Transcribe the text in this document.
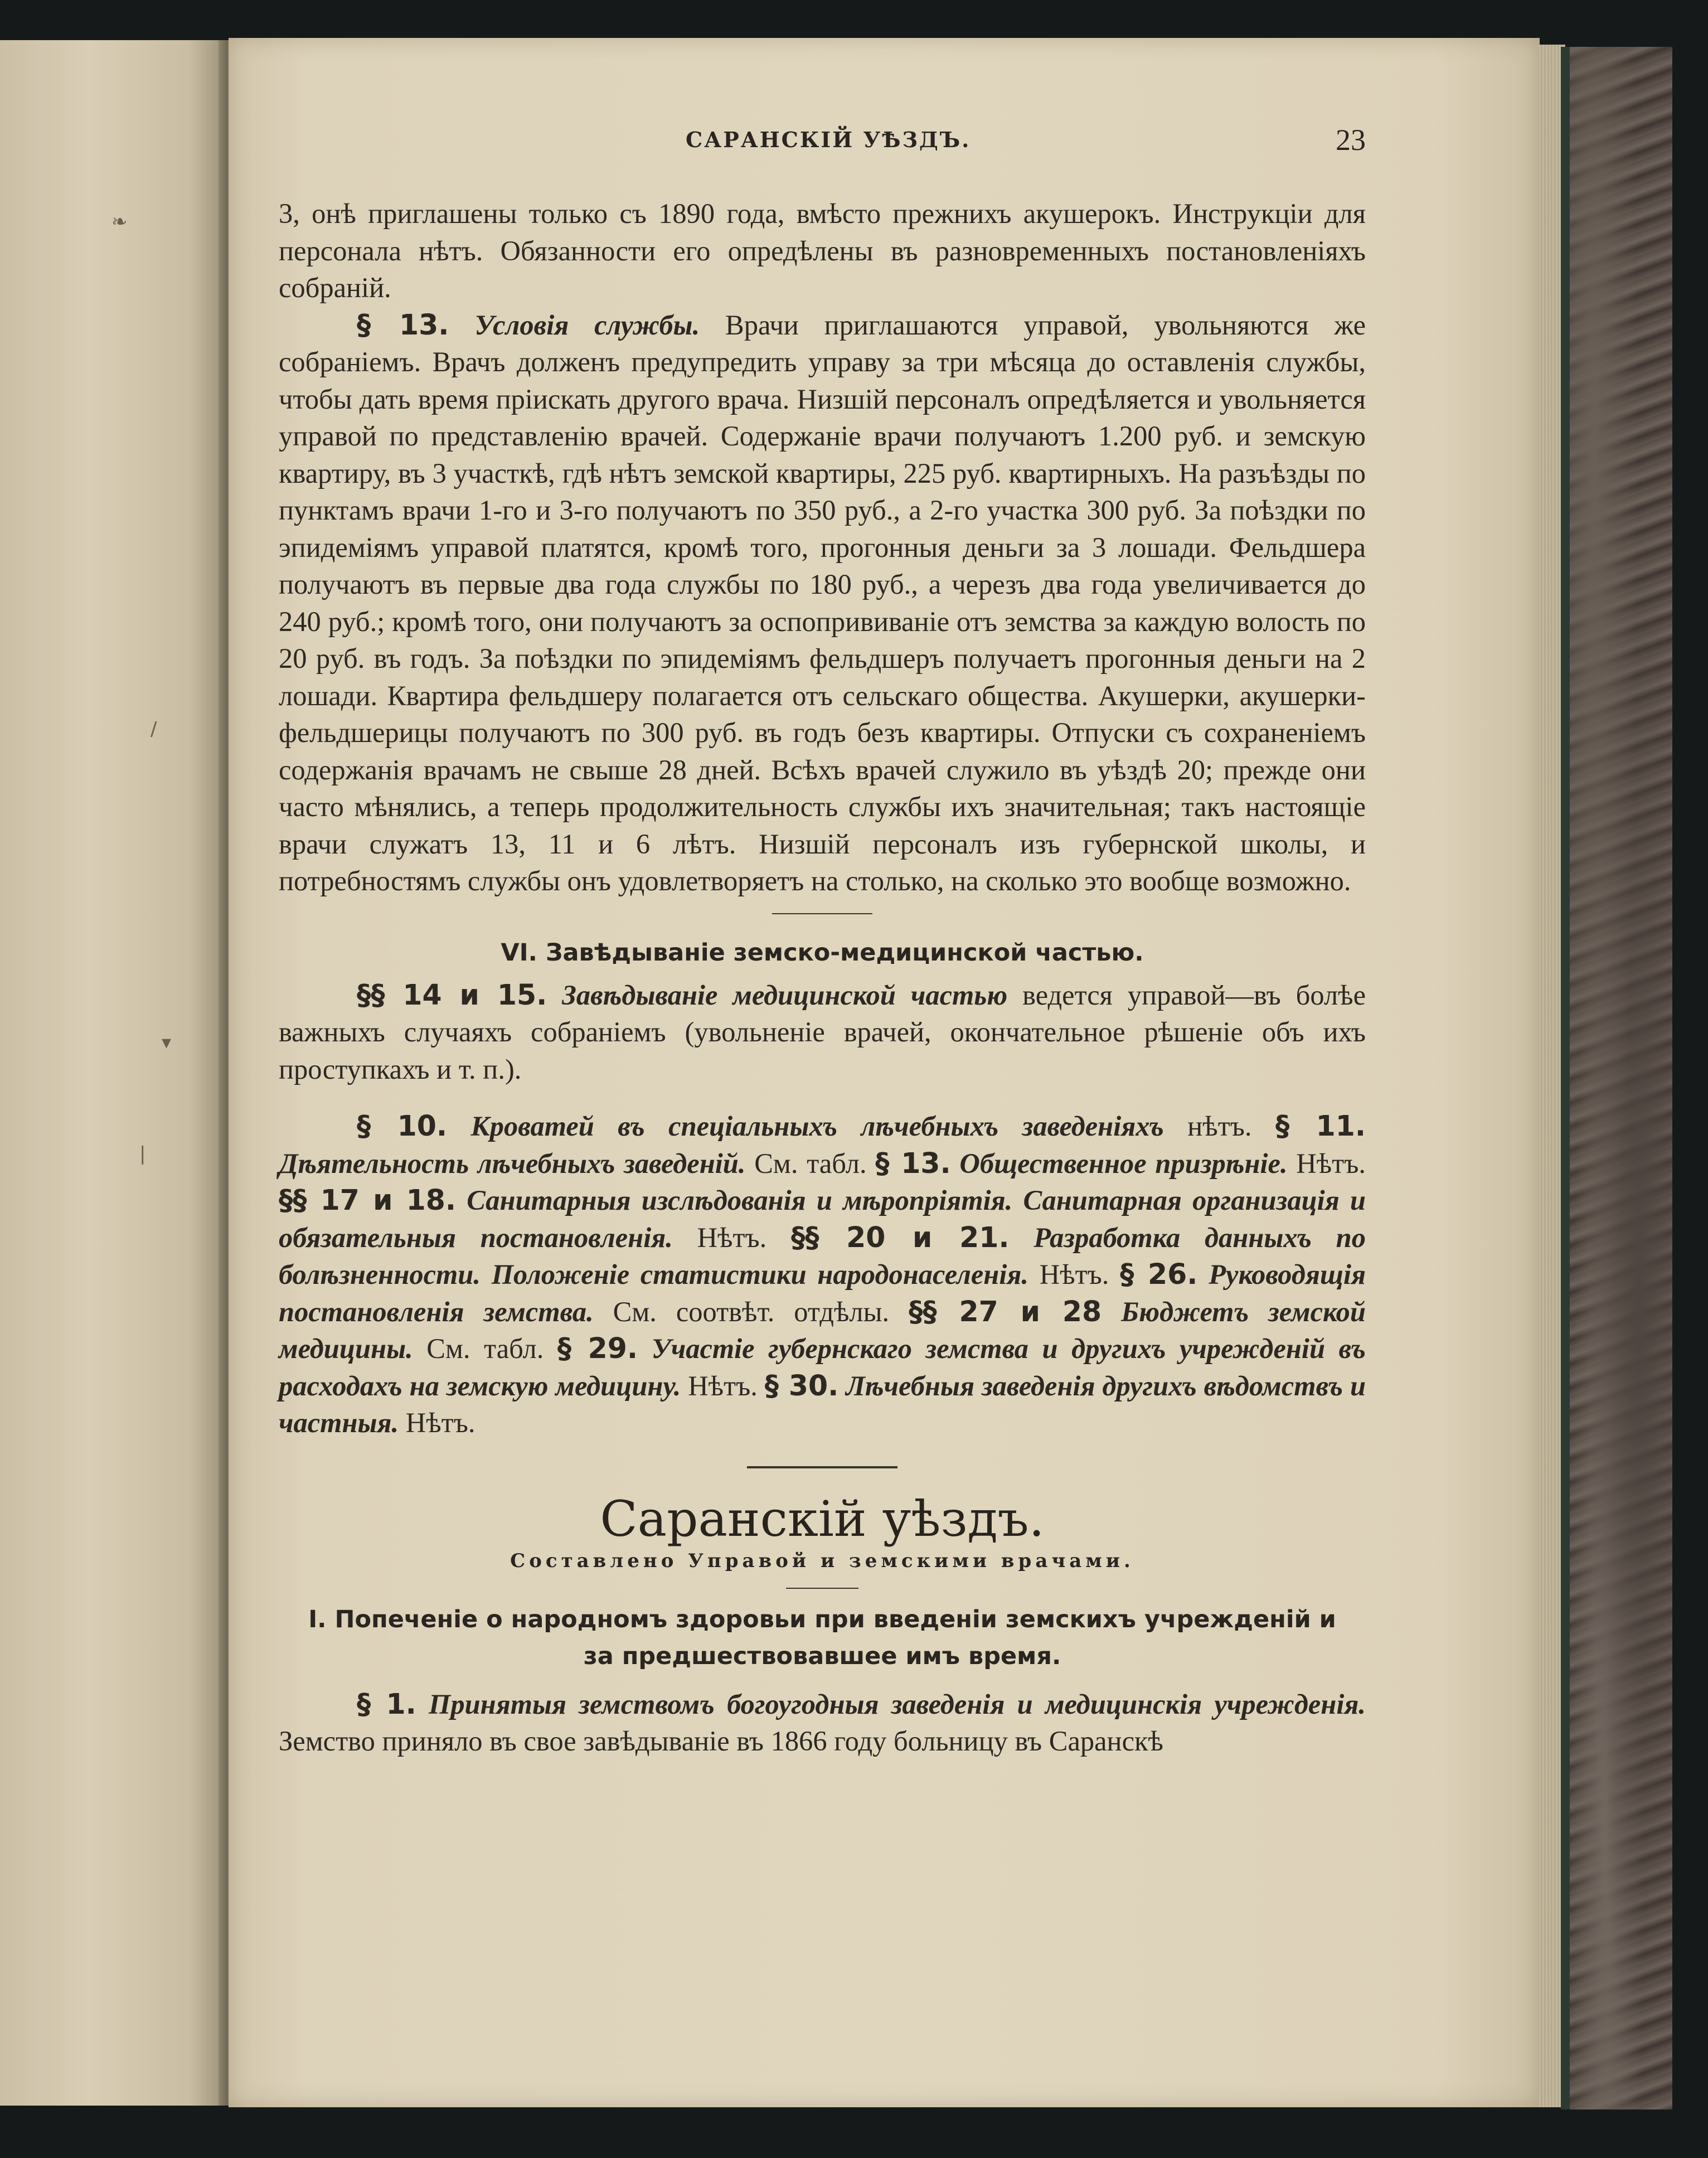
❧
/
▾
|
САРАНСКІЙ УѢЗДЪ.	23

3, онѣ приглашены только съ 1890 года, вмѣсто прежнихъ акушерокъ. Инструкціи для персонала нѣтъ. Обязанности его опредѣлены въ разновременныхъ постановленіяхъ собраній.

§ 13. Условія службы. Врачи приглашаются управой, увольняются же собраніемъ. Врачъ долженъ предупредить управу за три мѣсяца до оставленія службы, чтобы дать время пріискать другого врача. Низшій персоналъ опредѣляется и увольняется управой по представленію врачей. Содержаніе врачи получаютъ 1.200 руб. и земскую квартиру, въ 3 участкѣ, гдѣ нѣтъ земской квартиры, 225 руб. квартирныхъ. На разъѣзды по пунктамъ врачи 1-го и 3-го получаютъ по 350 руб., а 2-го участка 300 руб. За поѣздки по эпидеміямъ управой платятся, кромѣ того, прогонныя деньги за 3 лошади. Фельдшера получаютъ въ первые два года службы по 180 руб., а черезъ два года увеличивается до 240 руб.; кромѣ того, они получаютъ за оспопрививаніе отъ земства за каждую волость по 20 руб. въ годъ. За поѣздки по эпидеміямъ фельдшеръ получаетъ прогонныя деньги на 2 лошади. Квартира фельдшеру полагается отъ сельскаго общества. Акушерки, акушерки-фельдшерицы получаютъ по 300 руб. въ годъ безъ квартиры. Отпуски съ сохраненіемъ содержанія врачамъ не свыше 28 дней. Всѣхъ врачей служило въ уѣздѣ 20; прежде они часто мѣнялись, а теперь продолжительность службы ихъ значительная; такъ настоящіе врачи служатъ 13, 11 и 6 лѣтъ. Низшій персоналъ изъ губернской школы, и потребностямъ службы онъ удовлетворяетъ на столько, на сколько это вообще возможно.

VI. Завѣдываніе земско-медицинской частью.

§§ 14 и 15. Завѣдываніе медицинской частью ведется управой—въ болѣе важныхъ случаяхъ собраніемъ (увольненіе врачей, окончательное рѣшеніе объ ихъ проступкахъ и т. п.).

§ 10. Кроватей въ спеціальныхъ лѣчебныхъ заведеніяхъ нѣтъ. § 11. Дѣятельность лѣчебныхъ заведеній. См. табл. § 13. Общественное призрѣніе. Нѣтъ. §§ 17 и 18. Санитарныя изслѣдованія и мѣропріятія. Санитарная организація и обязательныя постановленія. Нѣтъ. §§ 20 и 21. Разработка данныхъ по болѣзненности. Положеніе статистики народонаселенія. Нѣтъ. § 26. Руководящія постановленія земства. См. соотвѣт. отдѣлы. §§ 27 и 28 Бюджетъ земской медицины. См. табл. § 29. Участіе губернскаго земства и другихъ учрежденій въ расходахъ на земскую медицину. Нѣтъ. § 30. Лѣчебныя заведенія другихъ вѣдомствъ и частныя. Нѣтъ.

Саранскій уѣздъ.

Составлено Управой и земскими врачами.

I. Попеченіе о народномъ здоровьи при введеніи земскихъ учрежденій и за предшествовавшее имъ время.

§ 1. Принятыя земствомъ богоугодныя заведенія и медицинскія учрежденія. Земство приняло въ свое завѣдываніе въ 1866 году больницу въ Саранскѣ
